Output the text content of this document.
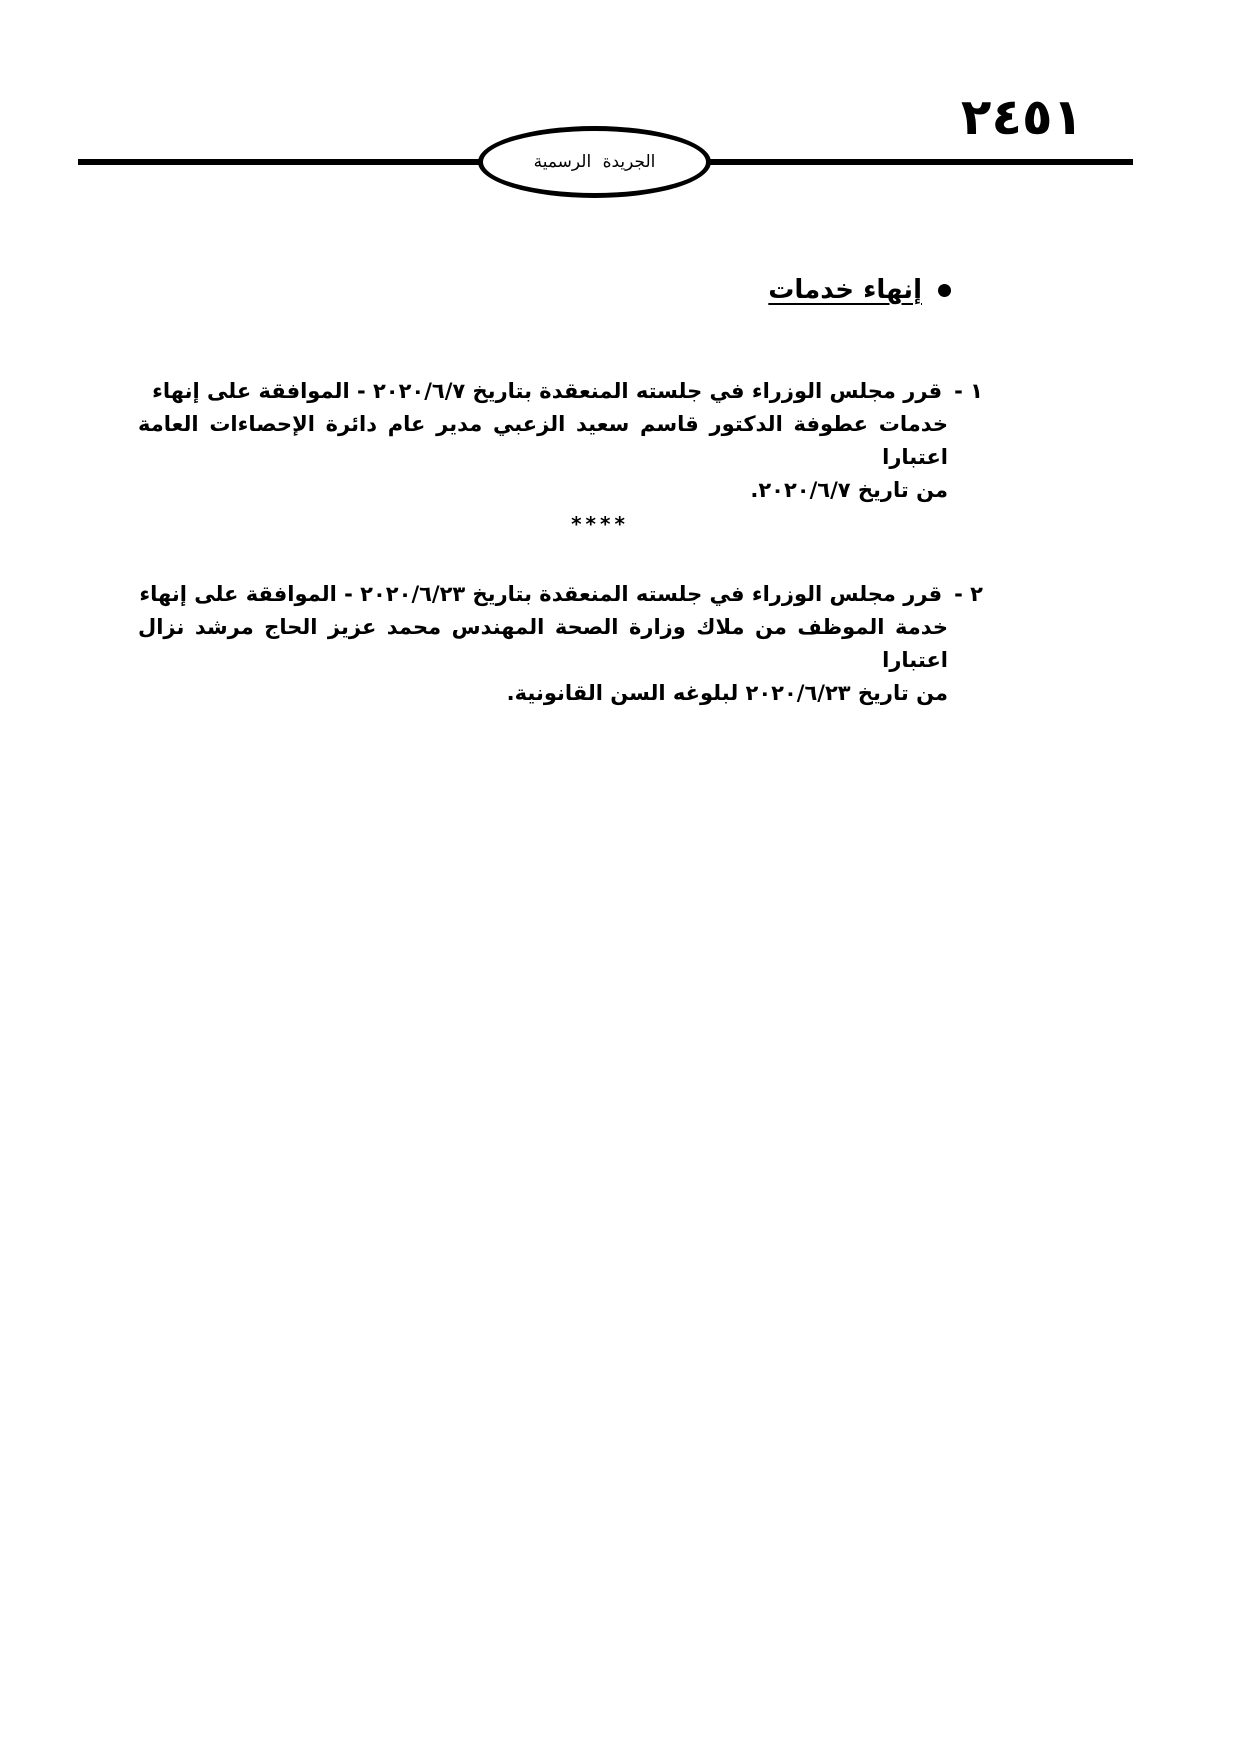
٢٤٥١
الجريدة الرسمية
إنهاء خدمات
١ -قرر مجلس الوزراء في جلسته المنعقدة بتاريخ ٢٠٢٠/٦/٧ - الموافقة على إنهاء
خدمات عطوفة الدكتور قاسم سعيد الزعبي مدير عام دائرة الإحصاءات العامة اعتبارا
من تاريخ ٢٠٢٠/٦/٧.
****
٢ -قرر مجلس الوزراء في جلسته المنعقدة بتاريخ ٢٠٢٠/٦/٢٣ - الموافقة على إنهاء
خدمة الموظف من ملاك وزارة الصحة المهندس محمد عزيز الحاج مرشد نزال اعتبارا
من تاريخ ٢٠٢٠/٦/٢٣ لبلوغه السن القانونية.
